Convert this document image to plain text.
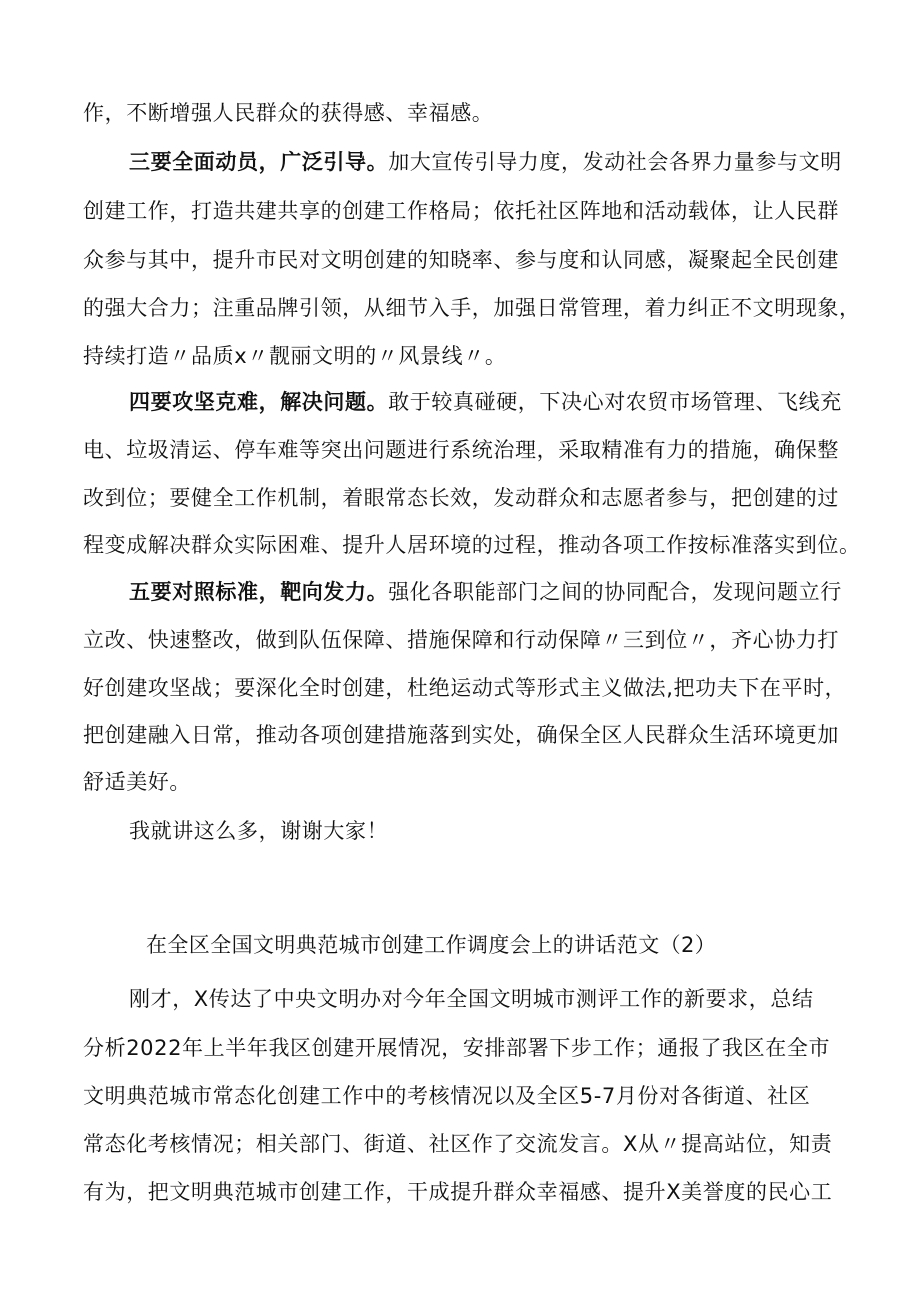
作，不断增强人民群众的获得感、幸福感。
三要全面动员，广泛引导。加大宣传引导力度，发动社会各界力量参与文明
创建工作，打造共建共享的创建工作格局；依托社区阵地和活动载体，让人民群
众参与其中，提升市民对文明创建的知晓率、参与度和认同感，凝聚起全民创建
的强大合力；注重品牌引领，从细节入手，加强日常管理，着力纠正不文明现象，
持续打造〃品质x〃靓丽文明的〃风景线〃。
四要攻坚克难，解决问题。敢于较真碰硬，下决心对农贸市场管理、飞线充
电、垃圾清运、停车难等突出问题进行系统治理，采取精准有力的措施，确保整
改到位；要健全工作机制，着眼常态长效，发动群众和志愿者参与，把创建的过
程变成解决群众实际困难、提升人居环境的过程，推动各项工作按标准落实到位。
五要对照标准，靶向发力。强化各职能部门之间的协同配合，发现问题立行
立改、快速整改，做到队伍保障、措施保障和行动保障〃三到位〃，齐心协力打
好创建攻坚战；要深化全时创建，杜绝运动式等形式主义做法,把功夫下在平时，
把创建融入日常，推动各项创建措施落到实处，确保全区人民群众生活环境更加
舒适美好。
我就讲这么多，谢谢大家！
在全区全国文明典范城市创建工作调度会上的讲话范文（2）
刚才，X传达了中央文明办对今年全国文明城市测评工作的新要求，总结
分析2022年上半年我区创建开展情况，安排部署下步工作；通报了我区在全市
文明典范城市常态化创建工作中的考核情况以及全区5-7月份对各街道、社区
常态化考核情况；相关部门、街道、社区作了交流发言。X从〃提高站位，知责
有为，把文明典范城市创建工作，干成提升群众幸福感、提升X美誉度的民心工
